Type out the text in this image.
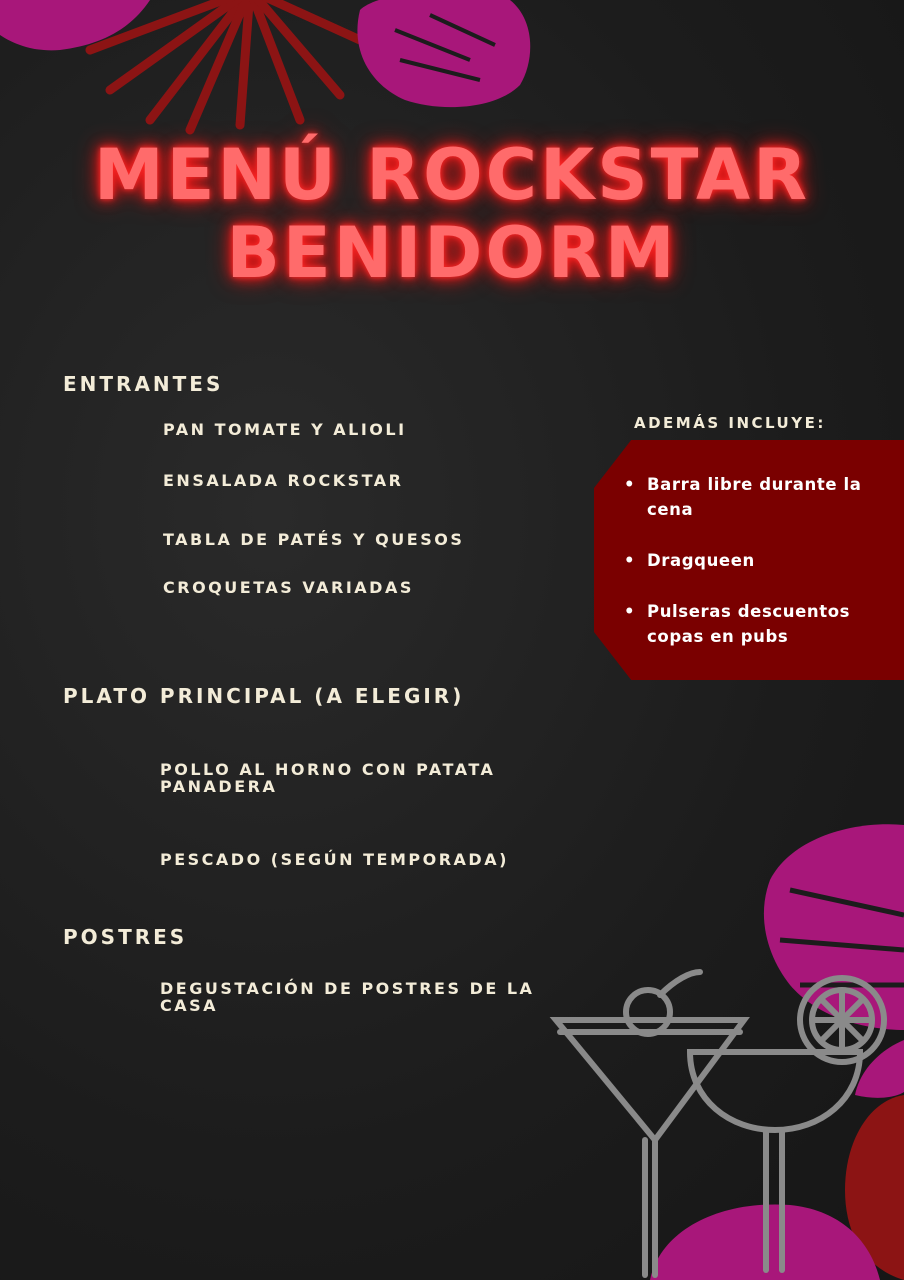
MENÚ ROCKSTAR
BENIDORM
ENTRANTES
PAN TOMATE Y ALIOLI
ENSALADA ROCKSTAR
TABLA DE PATÉS Y QUESOS
CROQUETAS VARIADAS
PLATO PRINCIPAL (A ELEGIR)
POLLO AL HORNO CON PATATA
PANADERA
PESCADO (SEGÚN TEMPORADA)
POSTRES
DEGUSTACIÓN DE POSTRES DE LA
CASA
ADEMÁS INCLUYE:
• Barra libre durante la cena
• Dragqueen
• Pulseras descuentos copas en pubs
